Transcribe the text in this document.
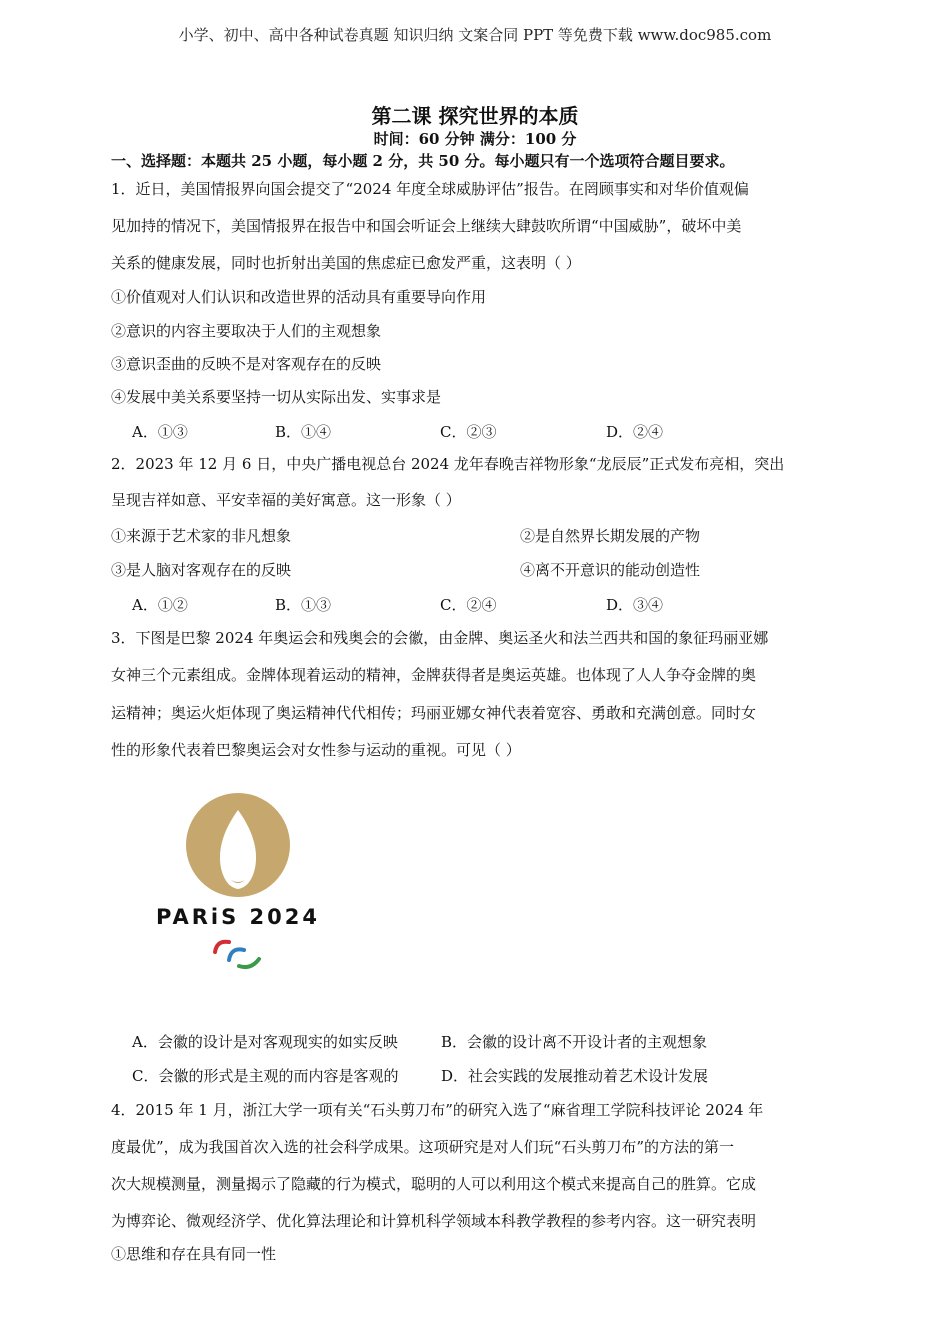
小学、初中、高中各种试卷真题 知识归纳 文案合同 PPT 等免费下载 www.doc985.com
第二课 探究世界的本质
时间：60 分钟 满分：100 分
一、选择题：本题共 25 小题，每小题 2 分，共 50 分。每小题只有一个选项符合题目要求。
1．近日，美国情报界向国会提交了“2024 年度全球威胁评估”报告。在罔顾事实和对华价值观偏
见加持的情况下，美国情报界在报告中和国会听证会上继续大肆鼓吹所谓“中国威胁”，破坏中美
关系的健康发展，同时也折射出美国的焦虑症已愈发严重，这表明（ ）
①价值观对人们认识和改造世界的活动具有重要导向作用
②意识的内容主要取决于人们的主观想象
③意识歪曲的反映不是对客观存在的反映
④发展中美关系要坚持一切从实际出发、实事求是
A．①③	B．①④	C．②③	D．②④
2．2023 年 12 月 6 日，中央广播电视总台 2024 龙年春晚吉祥物形象“龙辰辰”正式发布亮相，突出
呈现吉祥如意、平安幸福的美好寓意。这一形象（ ）
①来源于艺术家的非凡想象	②是自然界长期发展的产物
③是人脑对客观存在的反映	④离不开意识的能动创造性
A．①②	B．①③	C．②④	D．③④
3．下图是巴黎 2024 年奥运会和残奥会的会徽，由金牌、奥运圣火和法兰西共和国的象征玛丽亚娜
女神三个元素组成。金牌体现着运动的精神，金牌获得者是奥运英雄。也体现了人人争夺金牌的奥
运精神；奥运火炬体现了奥运精神代代相传；玛丽亚娜女神代表着宽容、勇敢和充满创意。同时女
性的形象代表着巴黎奥运会对女性参与运动的重视。可见（ ）
PARiS 2024
A．会徽的设计是对客观现实的如实反映	B．会徽的设计离不开设计者的主观想象
C．会徽的形式是主观的而内容是客观的	D．社会实践的发展推动着艺术设计发展
4．2015 年 1 月，浙江大学一项有关“石头剪刀布”的研究入选了“麻省理工学院科技评论 2024 年
度最优”，成为我国首次入选的社会科学成果。这项研究是对人们玩“石头剪刀布”的方法的第一
次大规模测量，测量揭示了隐藏的行为模式，聪明的人可以利用这个模式来提高自己的胜算。它成
为博弈论、微观经济学、优化算法理论和计算机科学领域本科教学教程的参考内容。这一研究表明
①思维和存在具有同一性
